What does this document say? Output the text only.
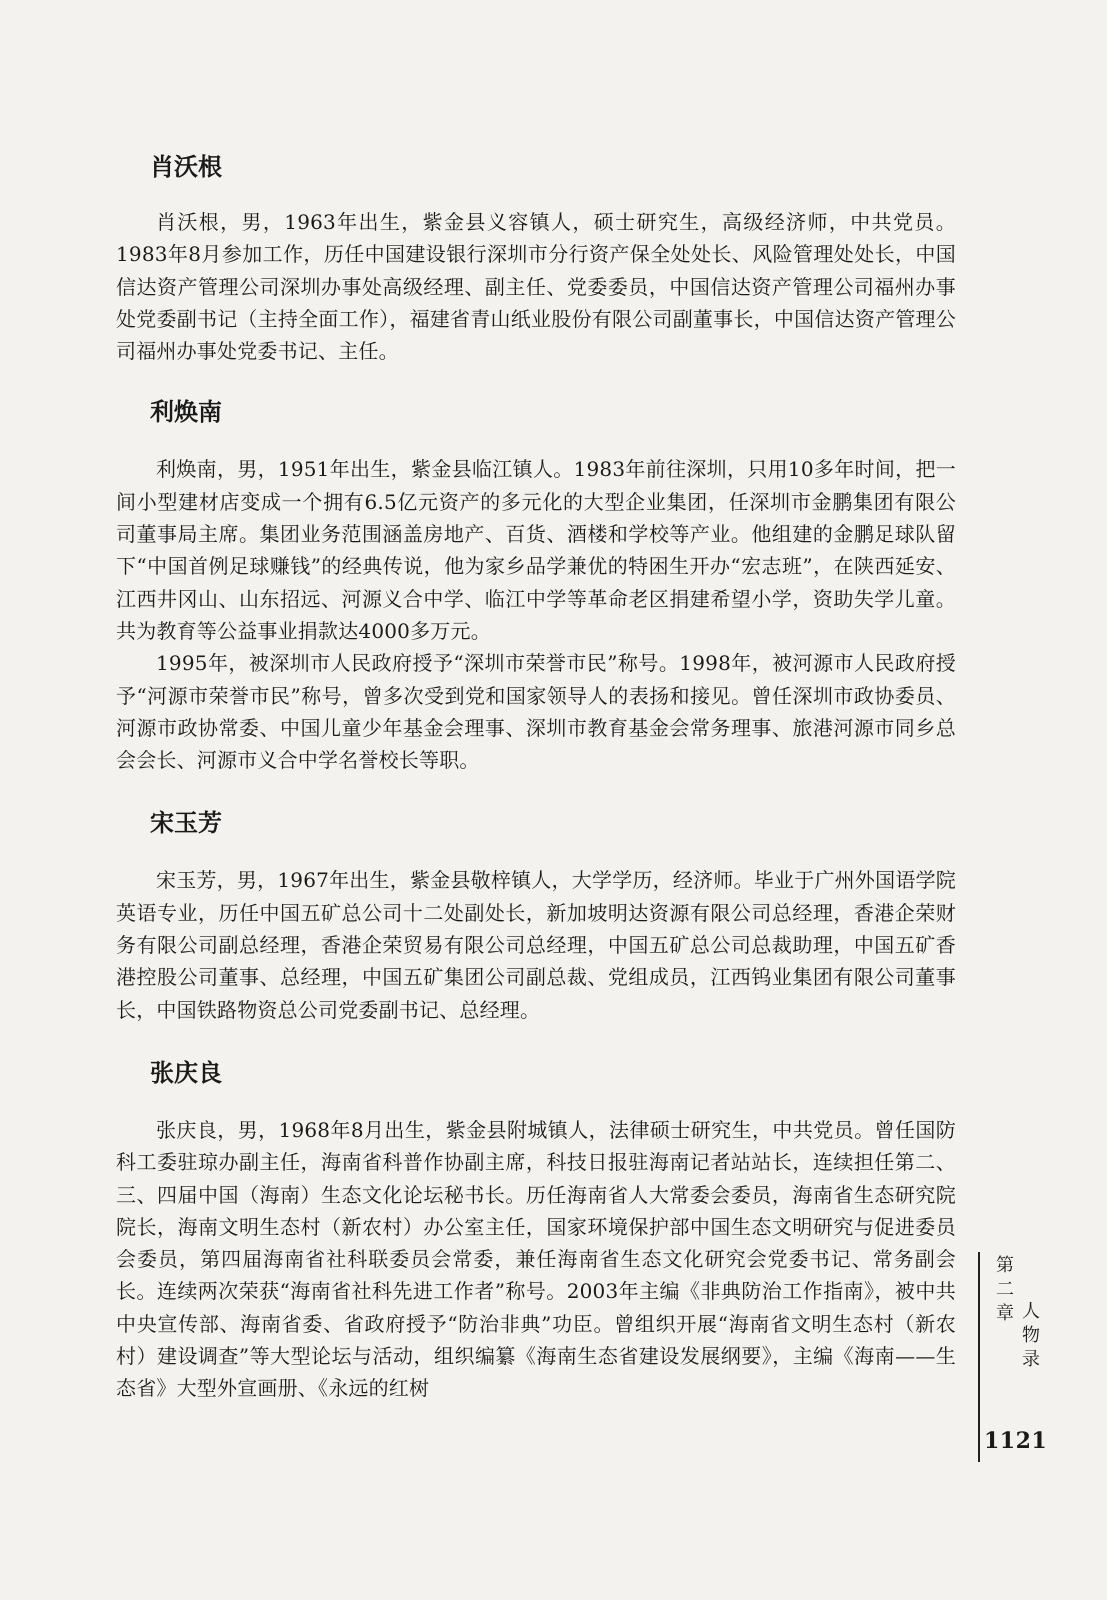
肖沃根

肖沃根，男，1963年出生，紫金县义容镇人，硕士研究生，高级经济师，中共党员。1983年8月参加工作，历任中国建设银行深圳市分行资产保全处处长、风险管理处处长，中国信达资产管理公司深圳办事处高级经理、副主任、党委委员，中国信达资产管理公司福州办事处党委副书记（主持全面工作），福建省青山纸业股份有限公司副董事长，中国信达资产管理公司福州办事处党委书记、主任。

利焕南

利焕南，男，1951年出生，紫金县临江镇人。1983年前往深圳，只用10多年时间，把一间小型建材店变成一个拥有6.5亿元资产的多元化的大型企业集团，任深圳市金鹏集团有限公司董事局主席。集团业务范围涵盖房地产、百货、酒楼和学校等产业。他组建的金鹏足球队留下“中国首例足球赚钱”的经典传说，他为家乡品学兼优的特困生开办“宏志班”，在陕西延安、江西井冈山、山东招远、河源义合中学、临江中学等革命老区捐建希望小学，资助失学儿童。共为教育等公益事业捐款达4000多万元。

1995年，被深圳市人民政府授予“深圳市荣誉市民”称号。1998年，被河源市人民政府授予“河源市荣誉市民”称号，曾多次受到党和国家领导人的表扬和接见。曾任深圳市政协委员、河源市政协常委、中国儿童少年基金会理事、深圳市教育基金会常务理事、旅港河源市同乡总会会长、河源市义合中学名誉校长等职。

宋玉芳

宋玉芳，男，1967年出生，紫金县敬梓镇人，大学学历，经济师。毕业于广州外国语学院英语专业，历任中国五矿总公司十二处副处长，新加坡明达资源有限公司总经理，香港企荣财务有限公司副总经理，香港企荣贸易有限公司总经理，中国五矿总公司总裁助理，中国五矿香港控股公司董事、总经理，中国五矿集团公司副总裁、党组成员，江西钨业集团有限公司董事长，中国铁路物资总公司党委副书记、总经理。

张庆良

张庆良，男，1968年8月出生，紫金县附城镇人，法律硕士研究生，中共党员。曾任国防科工委驻琼办副主任，海南省科普作协副主席，科技日报驻海南记者站站长，连续担任第二、三、四届中国（海南）生态文化论坛秘书长。历任海南省人大常委会委员，海南省生态研究院院长，海南文明生态村（新农村）办公室主任，国家环境保护部中国生态文明研究与促进委员会委员，第四届海南省社科联委员会常委，兼任海南省生态文化研究会党委书记、常务副会长。连续两次荣获“海南省社科先进工作者”称号。2003年主编《非典防治工作指南》，被中共中央宣传部、海南省委、省政府授予“防治非典”功臣。曾组织开展“海南省文明生态村（新农村）建设调查”等大型论坛与活动，组织编纂《海南生态省建设发展纲要》，主编《海南——生态省》大型外宣画册、《永远的红树

第二章 人物录
1121
